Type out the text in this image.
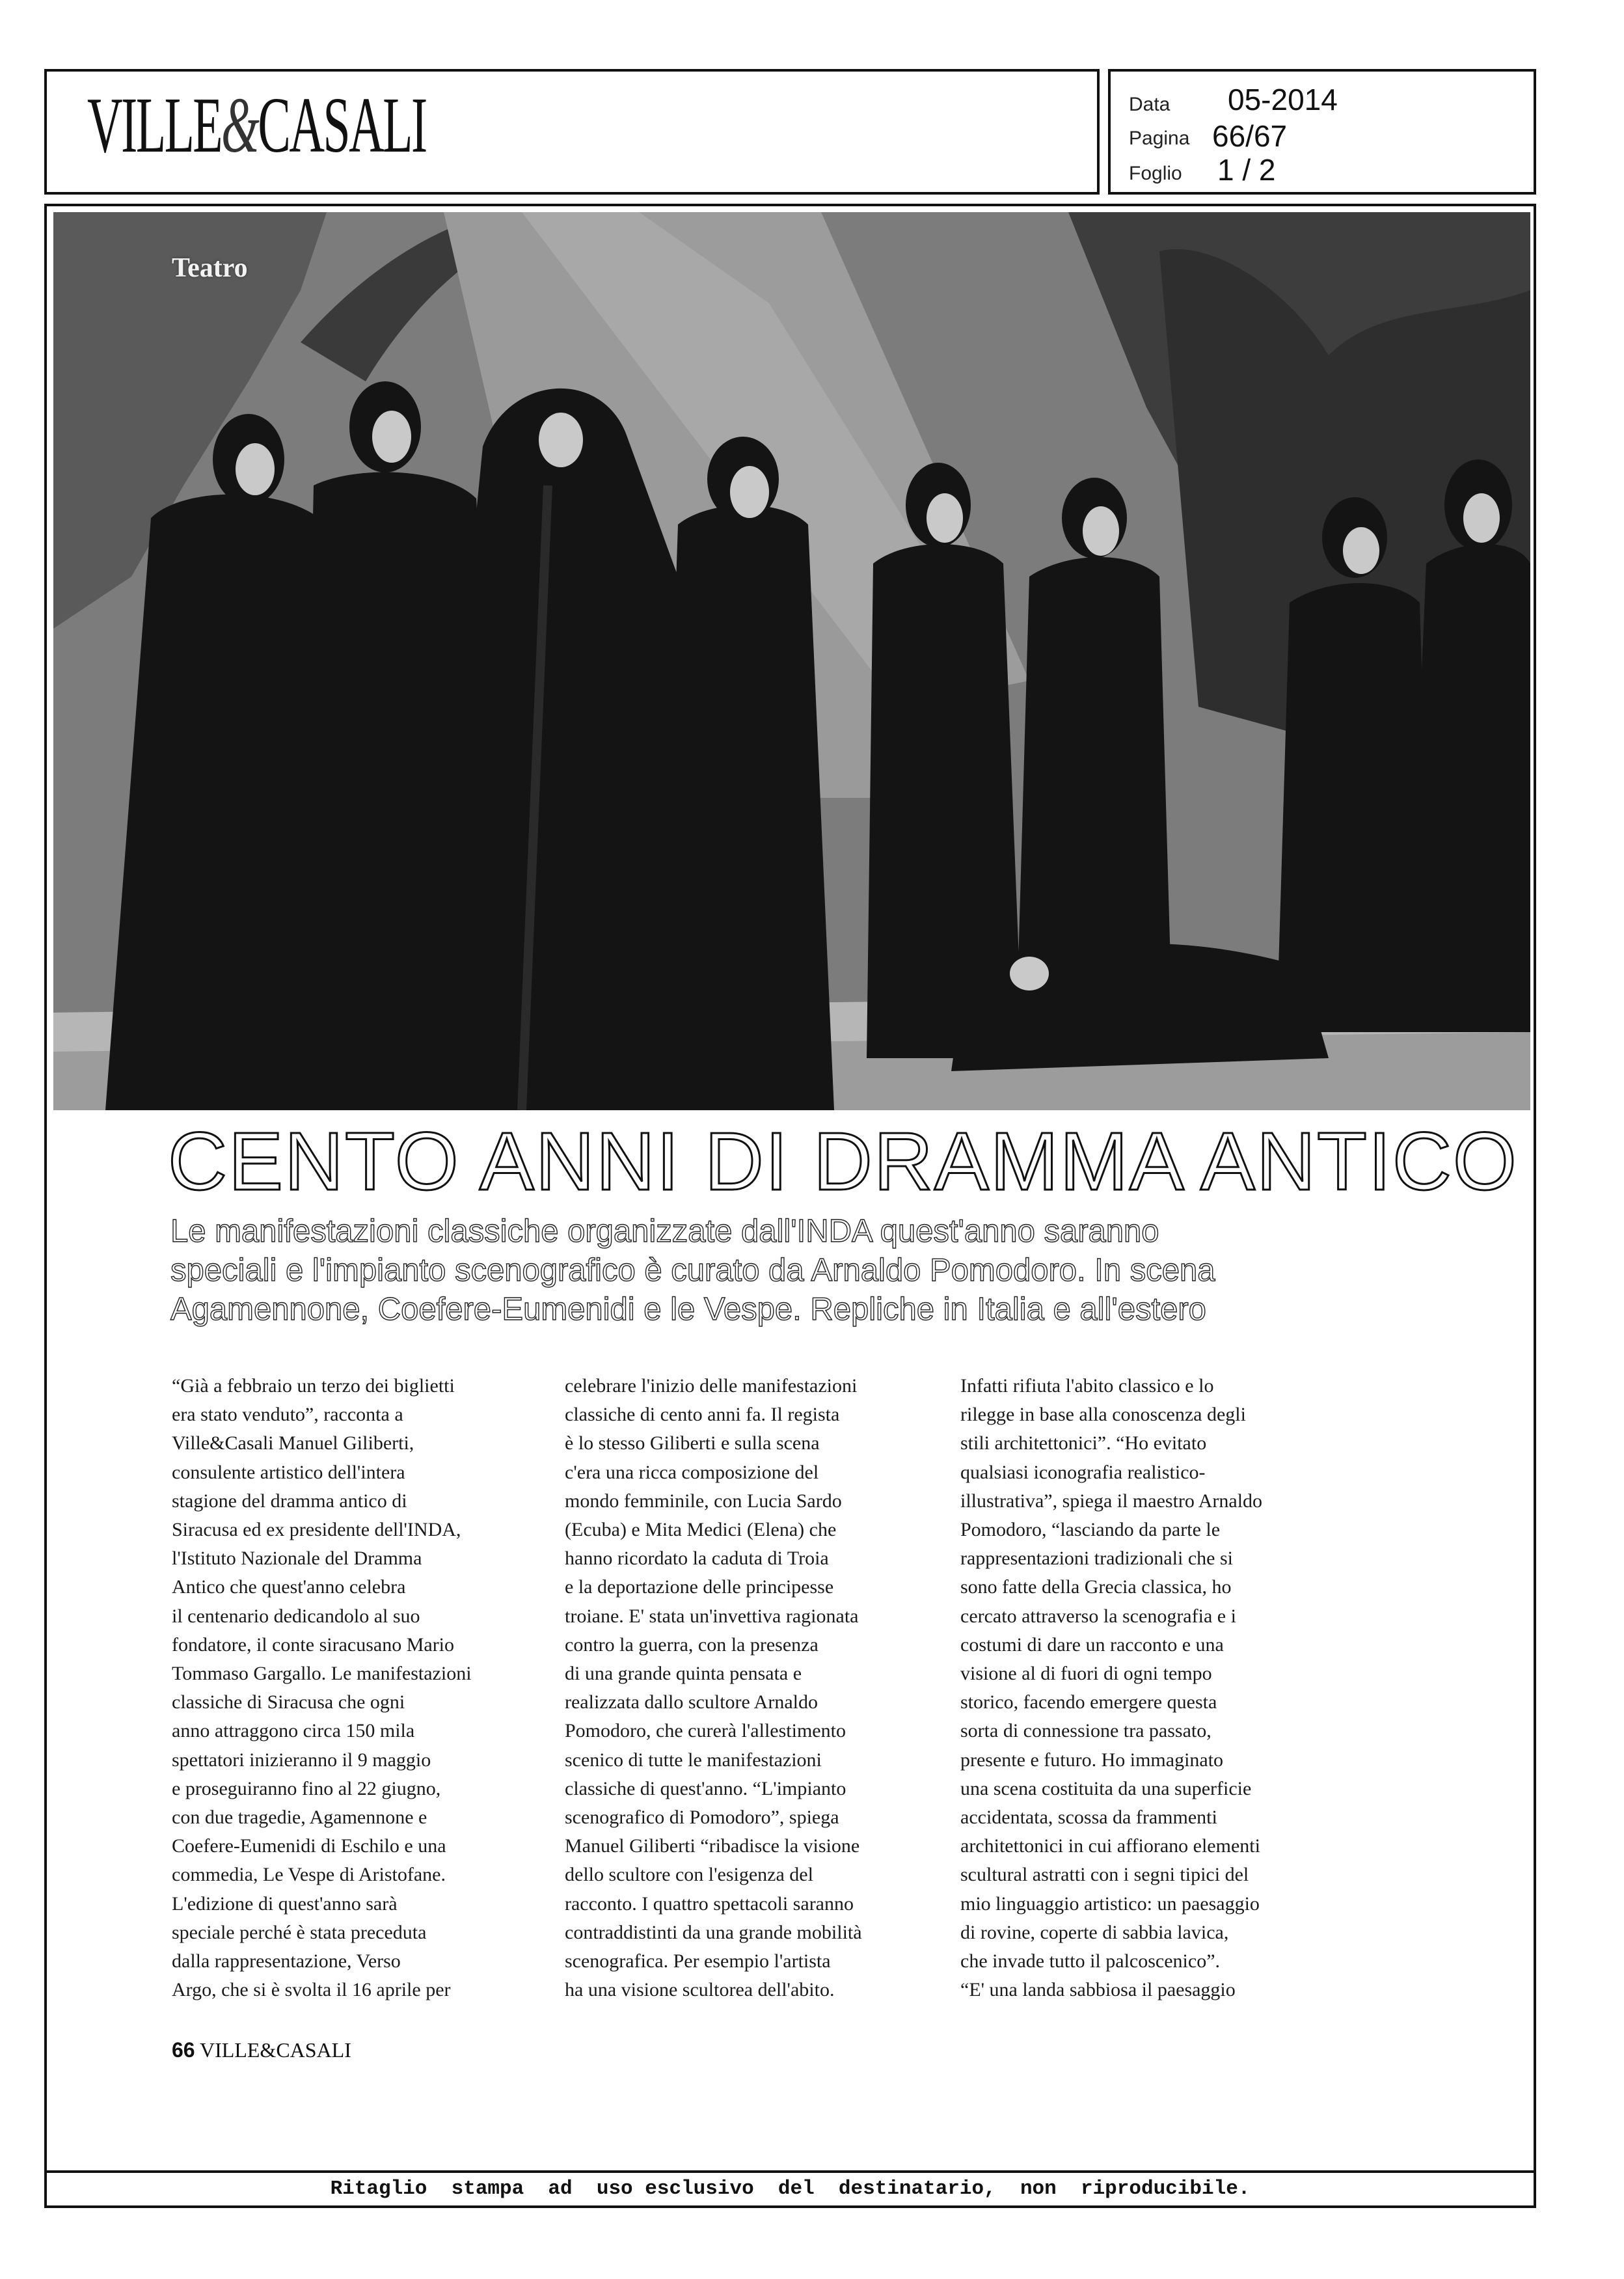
VILLE&CASALI	Data 05-2014
Pagina 66/67
Foglio 1 / 2
Teatro
CENTO ANNI DI DRAMMA ANTICO
Le manifestazioni classiche organizzate dall'INDA quest'anno saranno
speciali e l'impianto scenografico è curato da Arnaldo Pomodoro. In scena
Agamennone, Coefere-Eumenidi e le Vespe. Repliche in Italia e all'estero
“Già a febbraio un terzo dei biglietti
era stato venduto”, racconta a
Ville&Casali Manuel Giliberti,
consulente artistico dell'intera
stagione del dramma antico di
Siracusa ed ex presidente dell'INDA,
l'Istituto Nazionale del Dramma
Antico che quest'anno celebra
il centenario dedicandolo al suo
fondatore, il conte siracusano Mario
Tommaso Gargallo. Le manifestazioni
classiche di Siracusa che ogni
anno attraggono circa 150 mila
spettatori inizieranno il 9 maggio
e proseguiranno fino al 22 giugno,
con due tragedie, Agamennone e
Coefere-Eumenidi di Eschilo e una
commedia, Le Vespe di Aristofane.
L'edizione di quest'anno sarà
speciale perché è stata preceduta
dalla rappresentazione, Verso
Argo, che si è svolta il 16 aprile per
celebrare l'inizio delle manifestazioni
classiche di cento anni fa. Il regista
è lo stesso Giliberti e sulla scena
c'era una ricca composizione del
mondo femminile, con Lucia Sardo
(Ecuba) e Mita Medici (Elena) che
hanno ricordato la caduta di Troia
e la deportazione delle principesse
troiane. E' stata un'invettiva ragionata
contro la guerra, con la presenza
di una grande quinta pensata e
realizzata dallo scultore Arnaldo
Pomodoro, che curerà l'allestimento
scenico di tutte le manifestazioni
classiche di quest'anno. “L'impianto
scenografico di Pomodoro”, spiega
Manuel Giliberti “ribadisce la visione
dello scultore con l'esigenza del
racconto. I quattro spettacoli saranno
contraddistinti da una grande mobilità
scenografica. Per esempio l'artista
ha una visione scultorea dell'abito.
Infatti rifiuta l'abito classico e lo
rilegge in base alla conoscenza degli
stili architettonici”. “Ho evitato
qualsiasi iconografia realistico-
illustrativa”, spiega il maestro Arnaldo
Pomodoro, “lasciando da parte le
rappresentazioni tradizionali che si
sono fatte della Grecia classica, ho
cercato attraverso la scenografia e i
costumi di dare un racconto e una
visione al di fuori di ogni tempo
storico, facendo emergere questa
sorta di connessione tra passato,
presente e futuro. Ho immaginato
una scena costituita da una superficie
accidentata, scossa da frammenti
architettonici in cui affiorano elementi
scultural astratti con i segni tipici del
mio linguaggio artistico: un paesaggio
di rovine, coperte di sabbia lavica,
che invade tutto il palcoscenico”.
“E' una landa sabbiosa il paesaggio
66 VILLE&CASALI
Ritaglio  stampa  ad  uso esclusivo  del  destinatario,  non  riproducibile.
